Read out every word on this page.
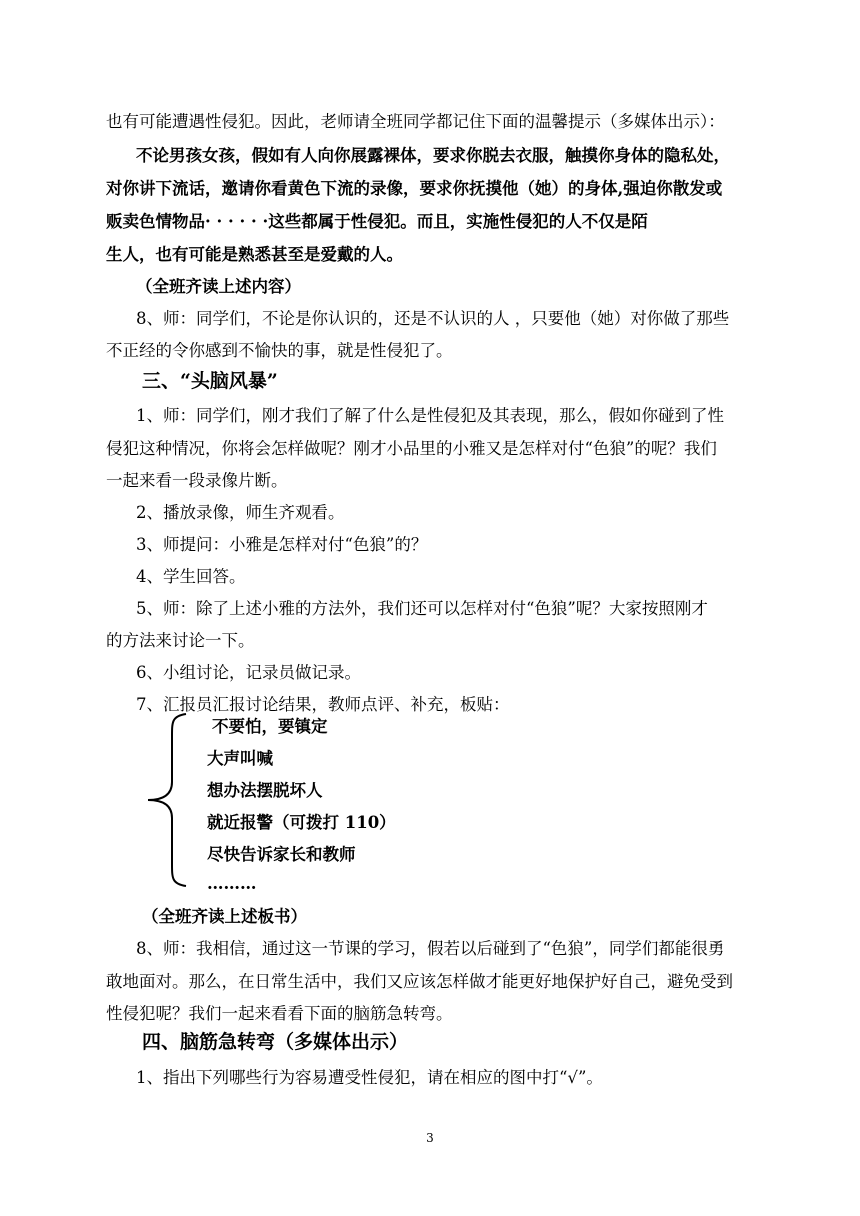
也有可能遭遇性侵犯。因此，老师请全班同学都记住下面的温馨提示（多媒体出示）：
不论男孩女孩，假如有人向你展露裸体，要求你脱去衣服，触摸你身体的隐私处，
对你讲下流话，邀请你看黄色下流的录像，要求你抚摸他（她）的身体,强迫你散发或
贩卖色情物品· · · · · ·这些都属于性侵犯。而且，实施性侵犯的人不仅是陌
生人，也有可能是熟悉甚至是爱戴的人。
（全班齐读上述内容）
8、师：同学们，不论是你认识的，还是不认识的人 ，只要他（她）对你做了那些
不正经的令你感到不愉快的事，就是性侵犯了。
三、“头脑风暴”
1、师：同学们，刚才我们了解了什么是性侵犯及其表现，那么，假如你碰到了性
侵犯这种情况，你将会怎样做呢？刚才小品里的小雅又是怎样对付“色狼”的呢？我们
一起来看一段录像片断。
2、播放录像，师生齐观看。
3、师提问：小雅是怎样对付“色狼”的？
4、学生回答。
5、师：除了上述小雅的方法外，我们还可以怎样对付“色狼”呢？大家按照刚才
的方法来讨论一下。
6、小组讨论，记录员做记录。
7、汇报员汇报讨论结果，教师点评、补充，板贴：
不要怕，要镇定
大声叫喊
想办法摆脱坏人
就近报警（可拨打 110）
尽快告诉家长和教师
………
（全班齐读上述板书）
8、师：我相信，通过这一节课的学习，假若以后碰到了“色狼”，同学们都能很勇
敢地面对。那么，在日常生活中，我们又应该怎样做才能更好地保护好自己，避免受到
性侵犯呢？我们一起来看看下面的脑筋急转弯。
四、脑筋急转弯（多媒体出示）
1、指出下列哪些行为容易遭受性侵犯，请在相应的图中打“√”。
3
